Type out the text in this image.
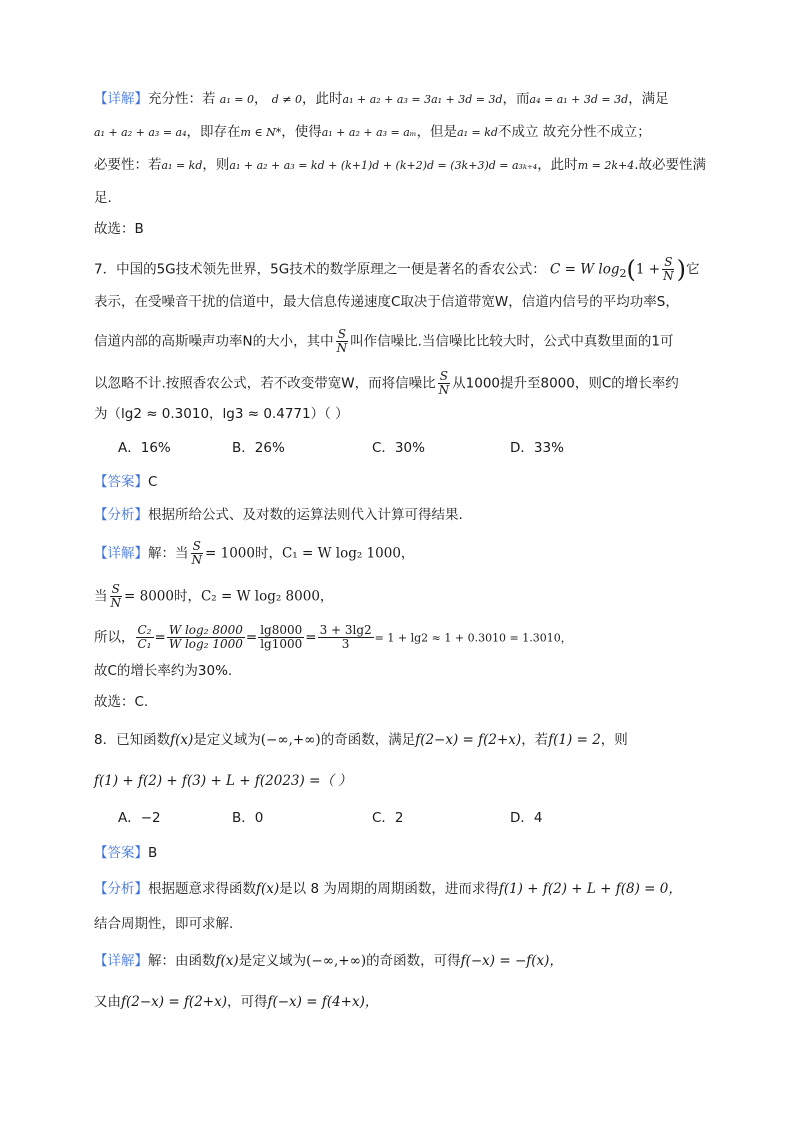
【详解】充分性：若 a₁ = 0， d ≠ 0，此时a₁ + a₂ + a₃ = 3a₁ + 3d = 3d，而a₄ = a₁ + 3d = 3d，满足
a₁ + a₂ + a₃ = a₄，即存在m ∈ N*，使得a₁ + a₂ + a₃ = aₘ，但是a₁ = kd不成立 故充分性不成立；
必要性：若a₁ = kd，则a₁ + a₂ + a₃ = kd + (k+1)d + (k+2)d = (3k+3)d = a₃ₖ₊₄，此时m = 2k+4.故必要性满
足.
故选：B
7．中国的5G技术领先世界，5G技术的数学原理之一便是著名的香农公式： C = W $\log_2(1 + \frac{S}{N}$ )它
表示，在受噪音干扰的信道中，最大信息传递速度C取决于信道带宽W，信道内信号的平均功率S，
信道内部的高斯噪声功率N的大小，其中 $\frac{S}{N}$ 叫作信噪比.当信噪比比较大时，公式中真数里面的1可
以忽略不计.按照香农公式，若不改变带宽W，而将信噪比 $\frac{S}{N}$ 从1000提升至8000，则C的增长率约
为（lg2 ≈ 0.3010，lg3 ≈ 0.4771）（ ）
A．16%	B．26%	C．30%	D．33%
【答案】C
【分析】根据所给公式、及对数的运算法则代入计算可得结果.
【详解】解：当 $\frac{S}{N} = 1000$时，C₁ = W log₂ 1000，
当 $\frac{S}{N} = 8000$时，C₂ = W log₂ 8000，
所以， $\frac{\text{C₂}}{\text{C₁}} = \frac{\text{W log₂ 8000}}{\text{W log₂ 1000}} = \frac{\lg 8000}{\lg 1000} = \frac{3 + 3\lg 2}{3} = 1 + \lg 2 \approx 1 + 0.3010 = 1.3010$，
故C的增长率约为30%.
故选：C.
8．已知函数f(x)是定义域为(−∞,+∞)的奇函数，满足f(2−x) = f(2+x)，若f(1) = 2，则
f(1) + f(2) + f(3) + L + f(2023) =（ ）
A．−2	B．0	C．2	D．4
【答案】B
【分析】根据题意求得函数f(x)是以 8 为周期的周期函数，进而求得f(1) + f(2) + L + f(8) = 0，
结合周期性，即可求解.
【详解】解：由函数f(x)是定义域为(−∞,+∞)的奇函数，可得f(−x) = −f(x)，
又由f(2−x) = f(2+x)，可得f(−x) = f(4+x)，
